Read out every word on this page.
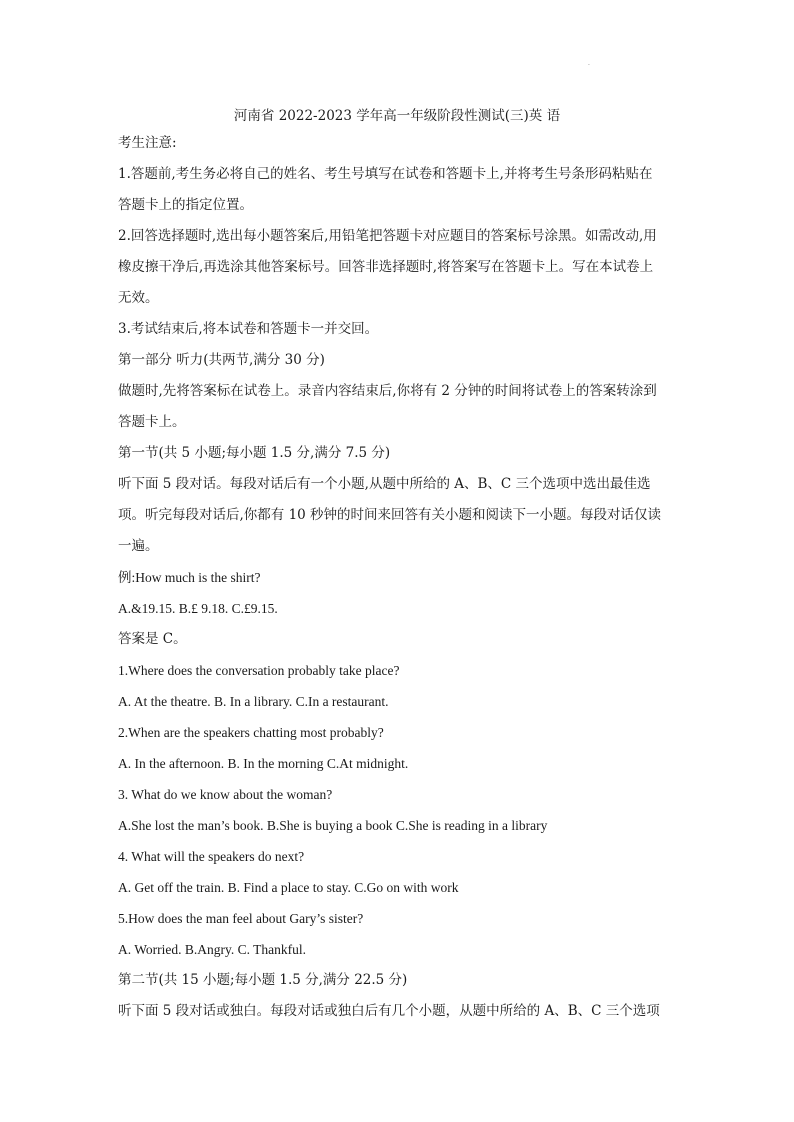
·
河南省 2022-2023 学年高一年级阶段性测试(三)英 语
考生注意:
1.答题前,考生务必将自己的姓名、考生号填写在试卷和答题卡上,并将考生号条形码粘贴在
答题卡上的指定位置。
2.回答选择题时,选出每小题答案后,用铅笔把答题卡对应题目的答案标号涂黑。如需改动,用
橡皮擦干净后,再选涂其他答案标号。回答非选择题时,将答案写在答题卡上。写在本试卷上
无效。
3.考试结束后,将本试卷和答题卡一并交回。
第一部分 听力(共两节,满分 30 分)
做题时,先将答案标在试卷上。录音内容结束后,你将有 2 分钟的时间将试卷上的答案转涂到
答题卡上。
第一节(共 5 小题;每小题 1.5 分,满分 7.5 分)
听下面 5 段对话。每段对话后有一个小题,从题中所给的 A、B、C 三个选项中选出最佳选
项。听完每段对话后,你都有 10 秒钟的时间来回答有关小题和阅读下一小题。每段对话仅读
一遍。
例:How much is the shirt?
A.&19.15. B.£ 9.18. C.£9.15.
答案是 C。
1.Where does the conversation probably take place?
A. At the theatre. B. In a library. C.In a restaurant.
2.When are the speakers chatting most probably?
A. In the afternoon. B. In the morning C.At midnight.
3. What do we know about the woman?
A.She lost the man’s book. B.She is buying a book C.She is reading in a library
4. What will the speakers do next?
A. Get off the train. B. Find a place to stay. C.Go on with work
5.How does the man feel about Gary’s sister?
A. Worried. B.Angry. C. Thankful.
第二节(共 15 小题;每小题 1.5 分,满分 22.5 分)
听下面 5 段对话或独白。每段对话或独白后有几个小题，从题中所给的 A、B、C 三个选项
